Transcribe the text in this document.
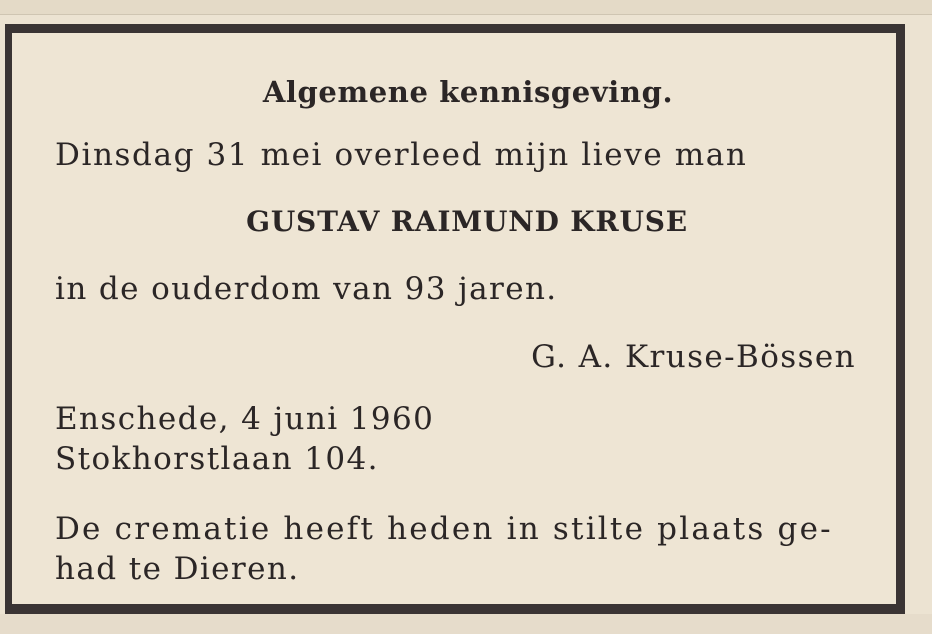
Algemene kennisgeving.
Dinsdag 31 mei overleed mijn lieve man
GUSTAV RAIMUND KRUSE
in de ouderdom van 93 jaren.
G. A. Kruse-Bössen
Enschede, 4 juni 1960
Stokhorstlaan 104.
De crematie heeft heden in stilte plaats ge-
had te Dieren.
